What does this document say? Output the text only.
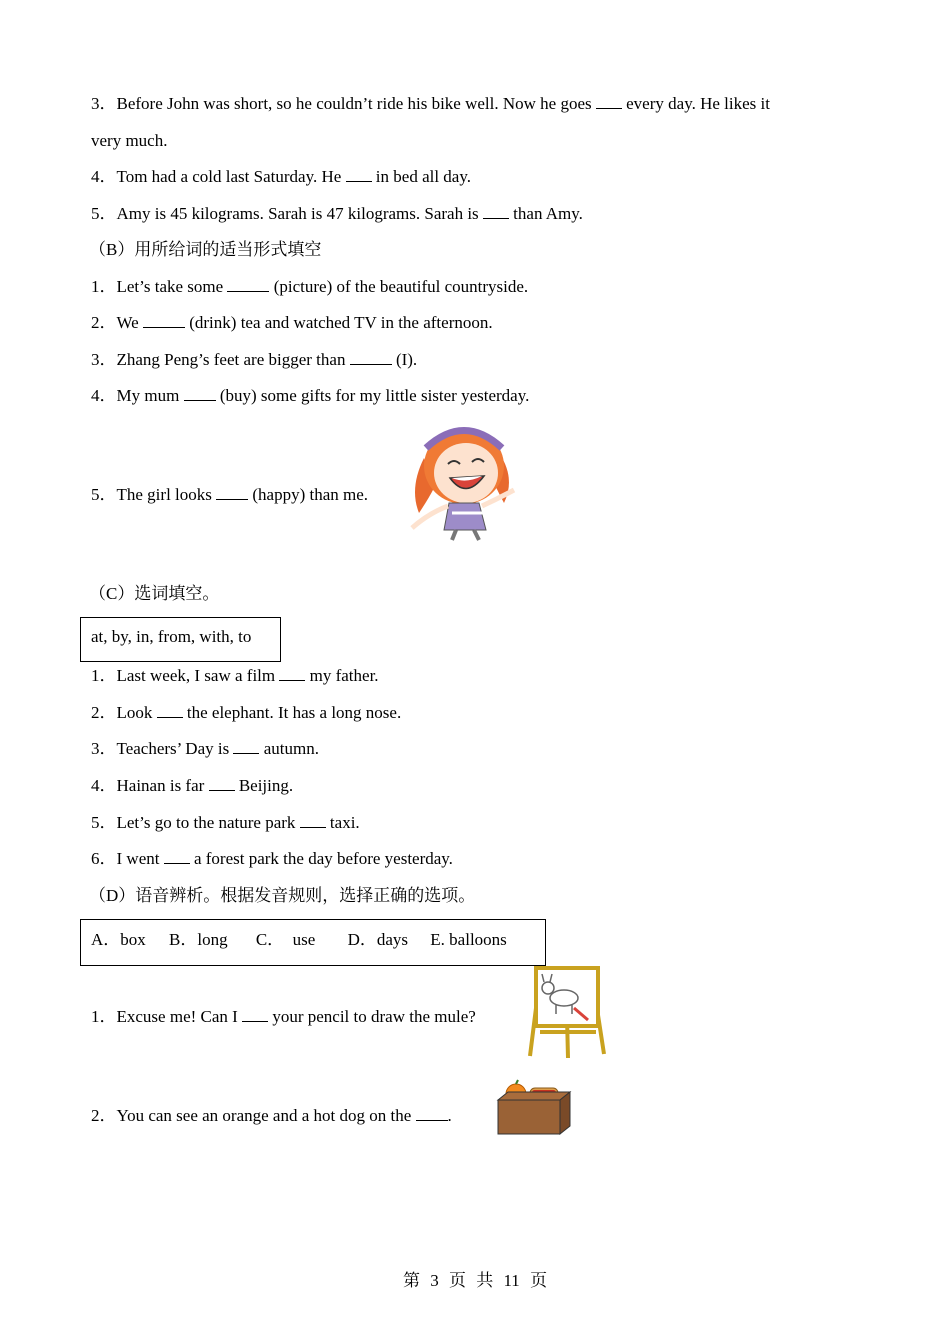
3．Before John was short, so he couldn’t ride his bike well. Now he goes every day. He likes it
very much.
4．Tom had a cold last Saturday. He in bed all day.
5．Amy is 45 kilograms. Sarah is 47 kilograms. Sarah is than Amy.
（B）用所给词的适当形式填空
1．Let’s take some	(picture) of the beautiful countryside.
2．We	(drink) tea and watched TV in the afternoon.
3．Zhang Peng’s feet are bigger than	(I).
4．My mum (buy) some gifts for my little sister yesterday.
5．The girl looks (happy) than me.
（C）选词填空。
at, by, in, from, with, to
1．Last week, I saw a film my father.
2．Look the elephant. It has a long nose.
3．Teachers’ Day is autumn.
4．Hainan is far Beijing.
5．Let’s go to the nature park taxi.
6．I went a forest park the day before yesterday.
（D）语音辨析。根据发音规则，选择正确的选项。
A．box B．long C．  use D．days E. balloons
1．Excuse me! Can I your pencil to draw the mule?
2．You can see an orange and a hot dog on the .
第 3 页 共 11 页
